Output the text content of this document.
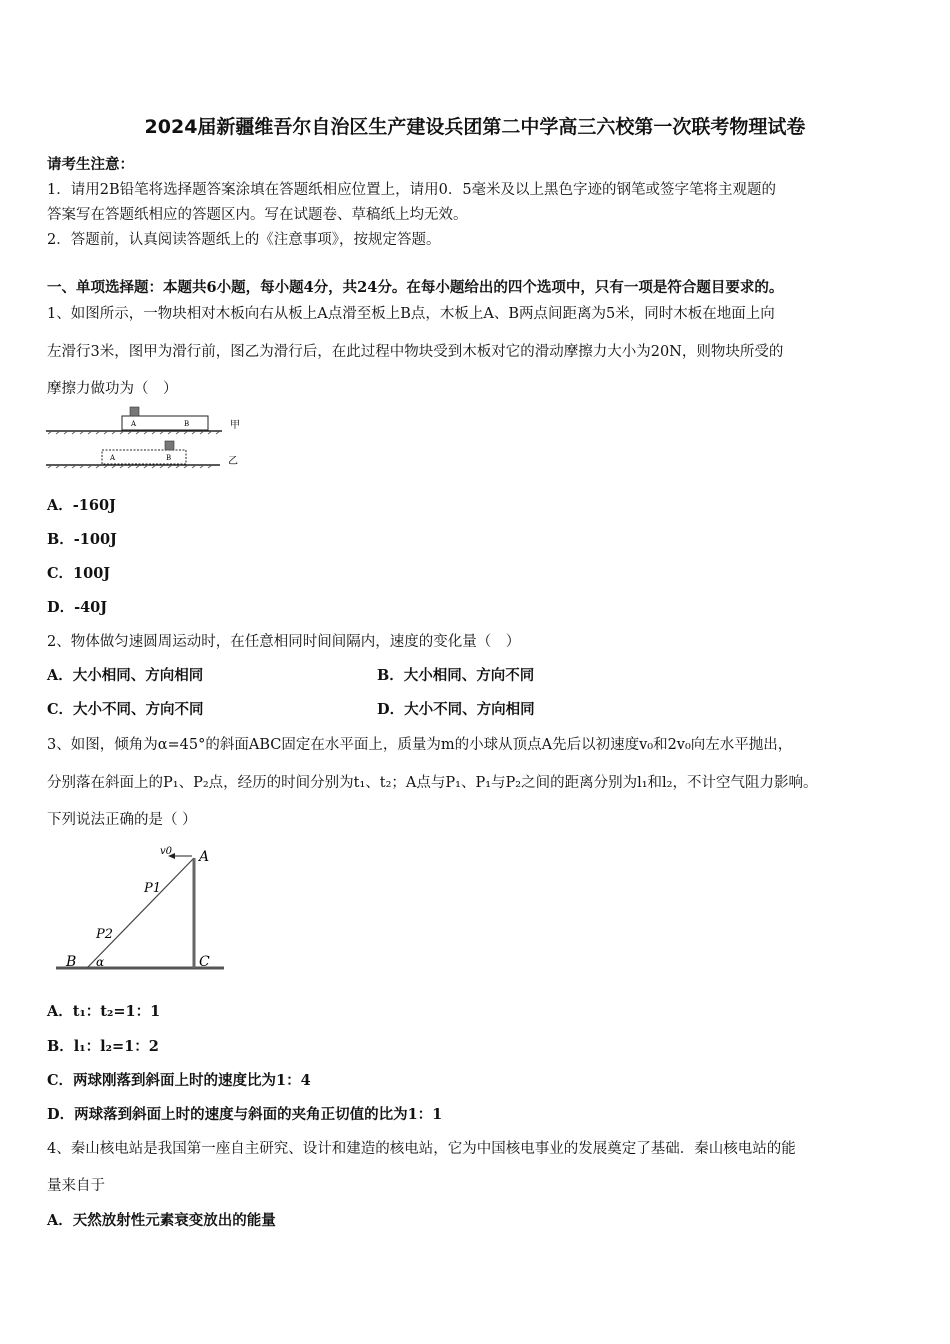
2024届新疆维吾尔自治区生产建设兵团第二中学高三六校第一次联考物理试卷
请考生注意：
1．请用2B铅笔将选择题答案涂填在答题纸相应位置上，请用0．5毫米及以上黑色字迹的钢笔或签字笔将主观题的
答案写在答题纸相应的答题区内。写在试题卷、草稿纸上均无效。
2．答题前，认真阅读答题纸上的《注意事项》，按规定答题。
一、单项选择题：本题共6小题，每小题4分，共24分。在每小题给出的四个选项中，只有一项是符合题目要求的。
1、如图所示，一物块相对木板向右从板上A点滑至板上B点，木板上A、B两点间距离为5米，同时木板在地面上向
左滑行3米，图甲为滑行前，图乙为滑行后，在此过程中物块受到木板对它的滑动摩擦力大小为20N，则物块所受的
摩擦力做功为（　）
A	B	甲
A	B	乙
A．-160J
B．-100J
C．100J
D．-40J
2、物体做匀速圆周运动时，在任意相同时间间隔内，速度的变化量（　）
A．大小相同、方向相同	B．大小相同、方向不同
C．大小不同、方向不同	D．大小不同、方向相同
3、如图，倾角为α=45°的斜面ABC固定在水平面上，质量为m的小球从顶点A先后以初速度v₀和2v₀向左水平抛出，
分别落在斜面上的P₁、P₂点，经历的时间分别为t₁、t₂；A点与P₁、P₁与P₂之间的距离分别为l₁和l₂，不计空气阻力影响。
下列说法正确的是（ ）
v0 A
P1
P2
B α	C
A．t₁：t₂=1：1
B．l₁：l₂=1：2
C．两球刚落到斜面上时的速度比为1：4
D．两球落到斜面上时的速度与斜面的夹角正切值的比为1：1
4、秦山核电站是我国第一座自主研究、设计和建造的核电站，它为中国核电事业的发展奠定了基础．秦山核电站的能
量来自于
A．天然放射性元素衰变放出的能量
